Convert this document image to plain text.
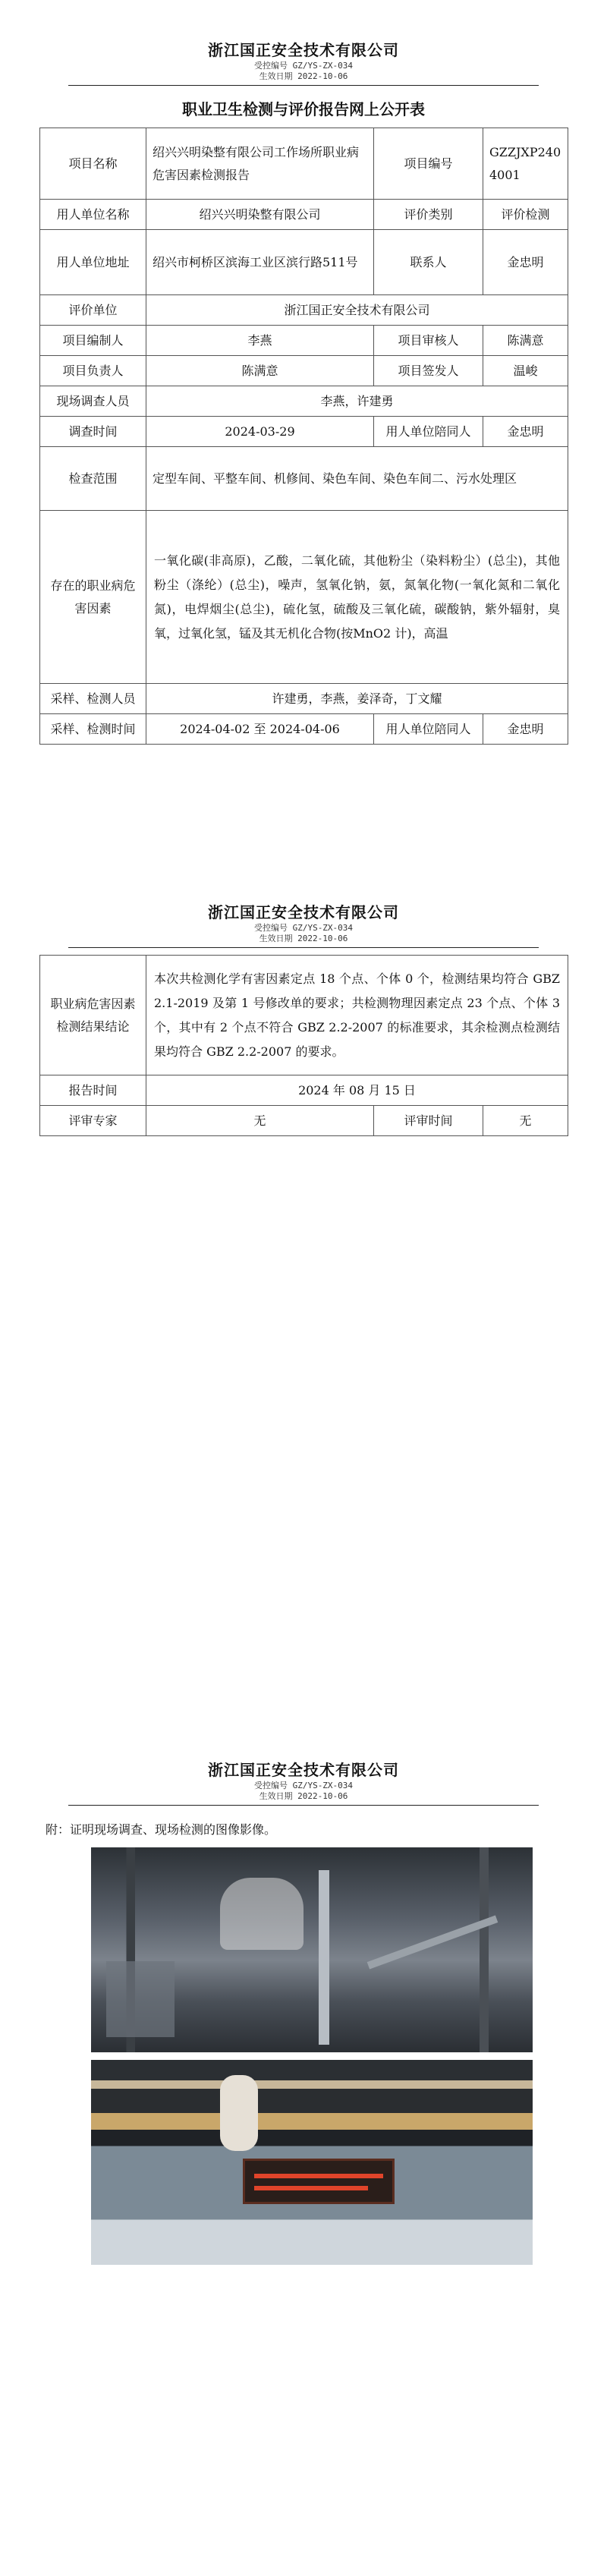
浙江国正安全技术有限公司
受控编号 GZ/YS-ZX-034
生效日期 2022-10-06
职业卫生检测与评价报告网上公开表
项目名称	绍兴兴明染整有限公司工作场所职业病危害因素检测报告	项目编号	GZZJXP2404001
用人单位名称	绍兴兴明染整有限公司	评价类别	评价检测
用人单位地址	绍兴市柯桥区滨海工业区滨行路511号	联系人	金忠明
评价单位	浙江国正安全技术有限公司		
项目编制人	李燕	项目审核人	陈满意
项目负责人	陈满意	项目签发人	温峻
现场调查人员	李燕，许建勇		
调查时间	2024-03-29	用人单位陪同人	金忠明
检查范围	定型车间、平整车间、机修间、染色车间、染色车间二、污水处理区		
存在的职业病危害因素	一氧化碳(非高原)，乙酸，二氧化硫，其他粉尘（染料粉尘）(总尘)，其他粉尘（涤纶）(总尘)，噪声，氢氧化钠，氨，氮氧化物(一氧化氮和二氧化氮)，电焊烟尘(总尘)，硫化氢，硫酸及三氧化硫，碳酸钠，紫外辐射，臭氧，过氧化氢，锰及其无机化合物(按MnO2 计)，高温		
采样、检测人员	许建勇，李燕，姜泽奇，丁文耀		
采样、检测时间	2024-04-02 至 2024-04-06	用人单位陪同人	金忠明
浙江国正安全技术有限公司
受控编号 GZ/YS-ZX-034
生效日期 2022-10-06
职业病危害因素检测结果结论	本次共检测化学有害因素定点 18 个点、个体 0 个，检测结果均符合 GBZ 2.1-2019 及第 1 号修改单的要求；共检测物理因素定点 23 个点、个体 3 个，其中有 2 个点不符合 GBZ 2.2-2007 的标准要求，其余检测点检测结果均符合 GBZ 2.2-2007 的要求。		
报告时间	2024 年 08 月 15 日		
评审专家	无	评审时间	无
浙江国正安全技术有限公司
受控编号 GZ/YS-ZX-034
生效日期 2022-10-06
附：证明现场调查、现场检测的图像影像。
